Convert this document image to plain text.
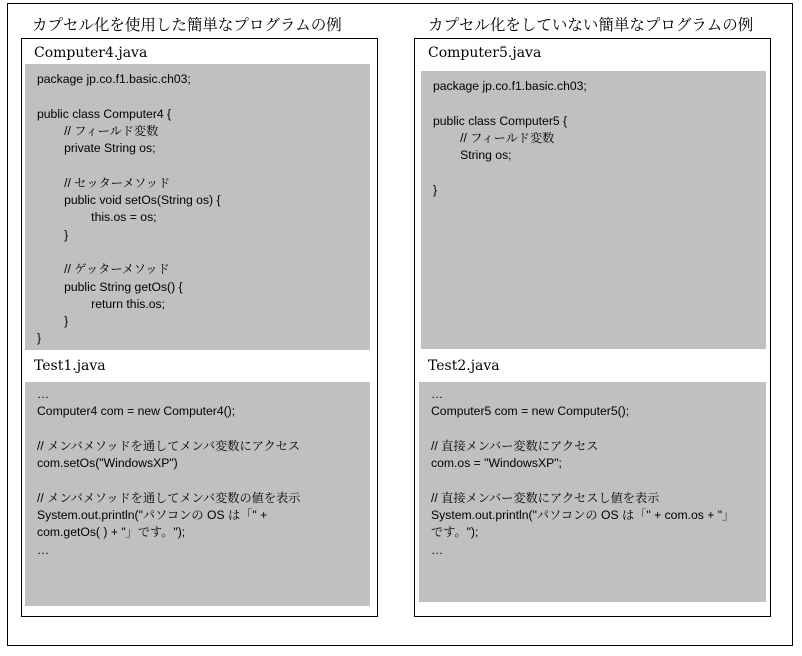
カプセル化を使用した簡単なプログラムの例	カプセル化をしていない簡単なプログラムの例
Computer4.java
package jp.co.f1.basic.ch03;
public class Computer4 {
// フィールド変数
private String os;
// セッターメソッド
public void setOs(String os) {
this.os = os;
}
// ゲッターメソッド
public String getOs() {
return this.os;
}
}
Test1.java
…
Computer4 com = new Computer4();
// メンバメソッドを通してメンバ変数にアクセス
com.setOs("WindowsXP")
// メンバメソッドを通してメンバ変数の値を表示
System.out.println("パソコンの OS は「" +
com.getOs( ) + "」です。");
…
Computer5.java
package jp.co.f1.basic.ch03;
public class Computer5 {
// フィールド変数
String os;
}
Test2.java
…
Computer5 com = new Computer5();
// 直接メンバー変数にアクセス
com.os = "WindowsXP";
// 直接メンバー変数にアクセスし値を表示
System.out.println("パソコンの OS は「" + com.os + "」
です。");
…
